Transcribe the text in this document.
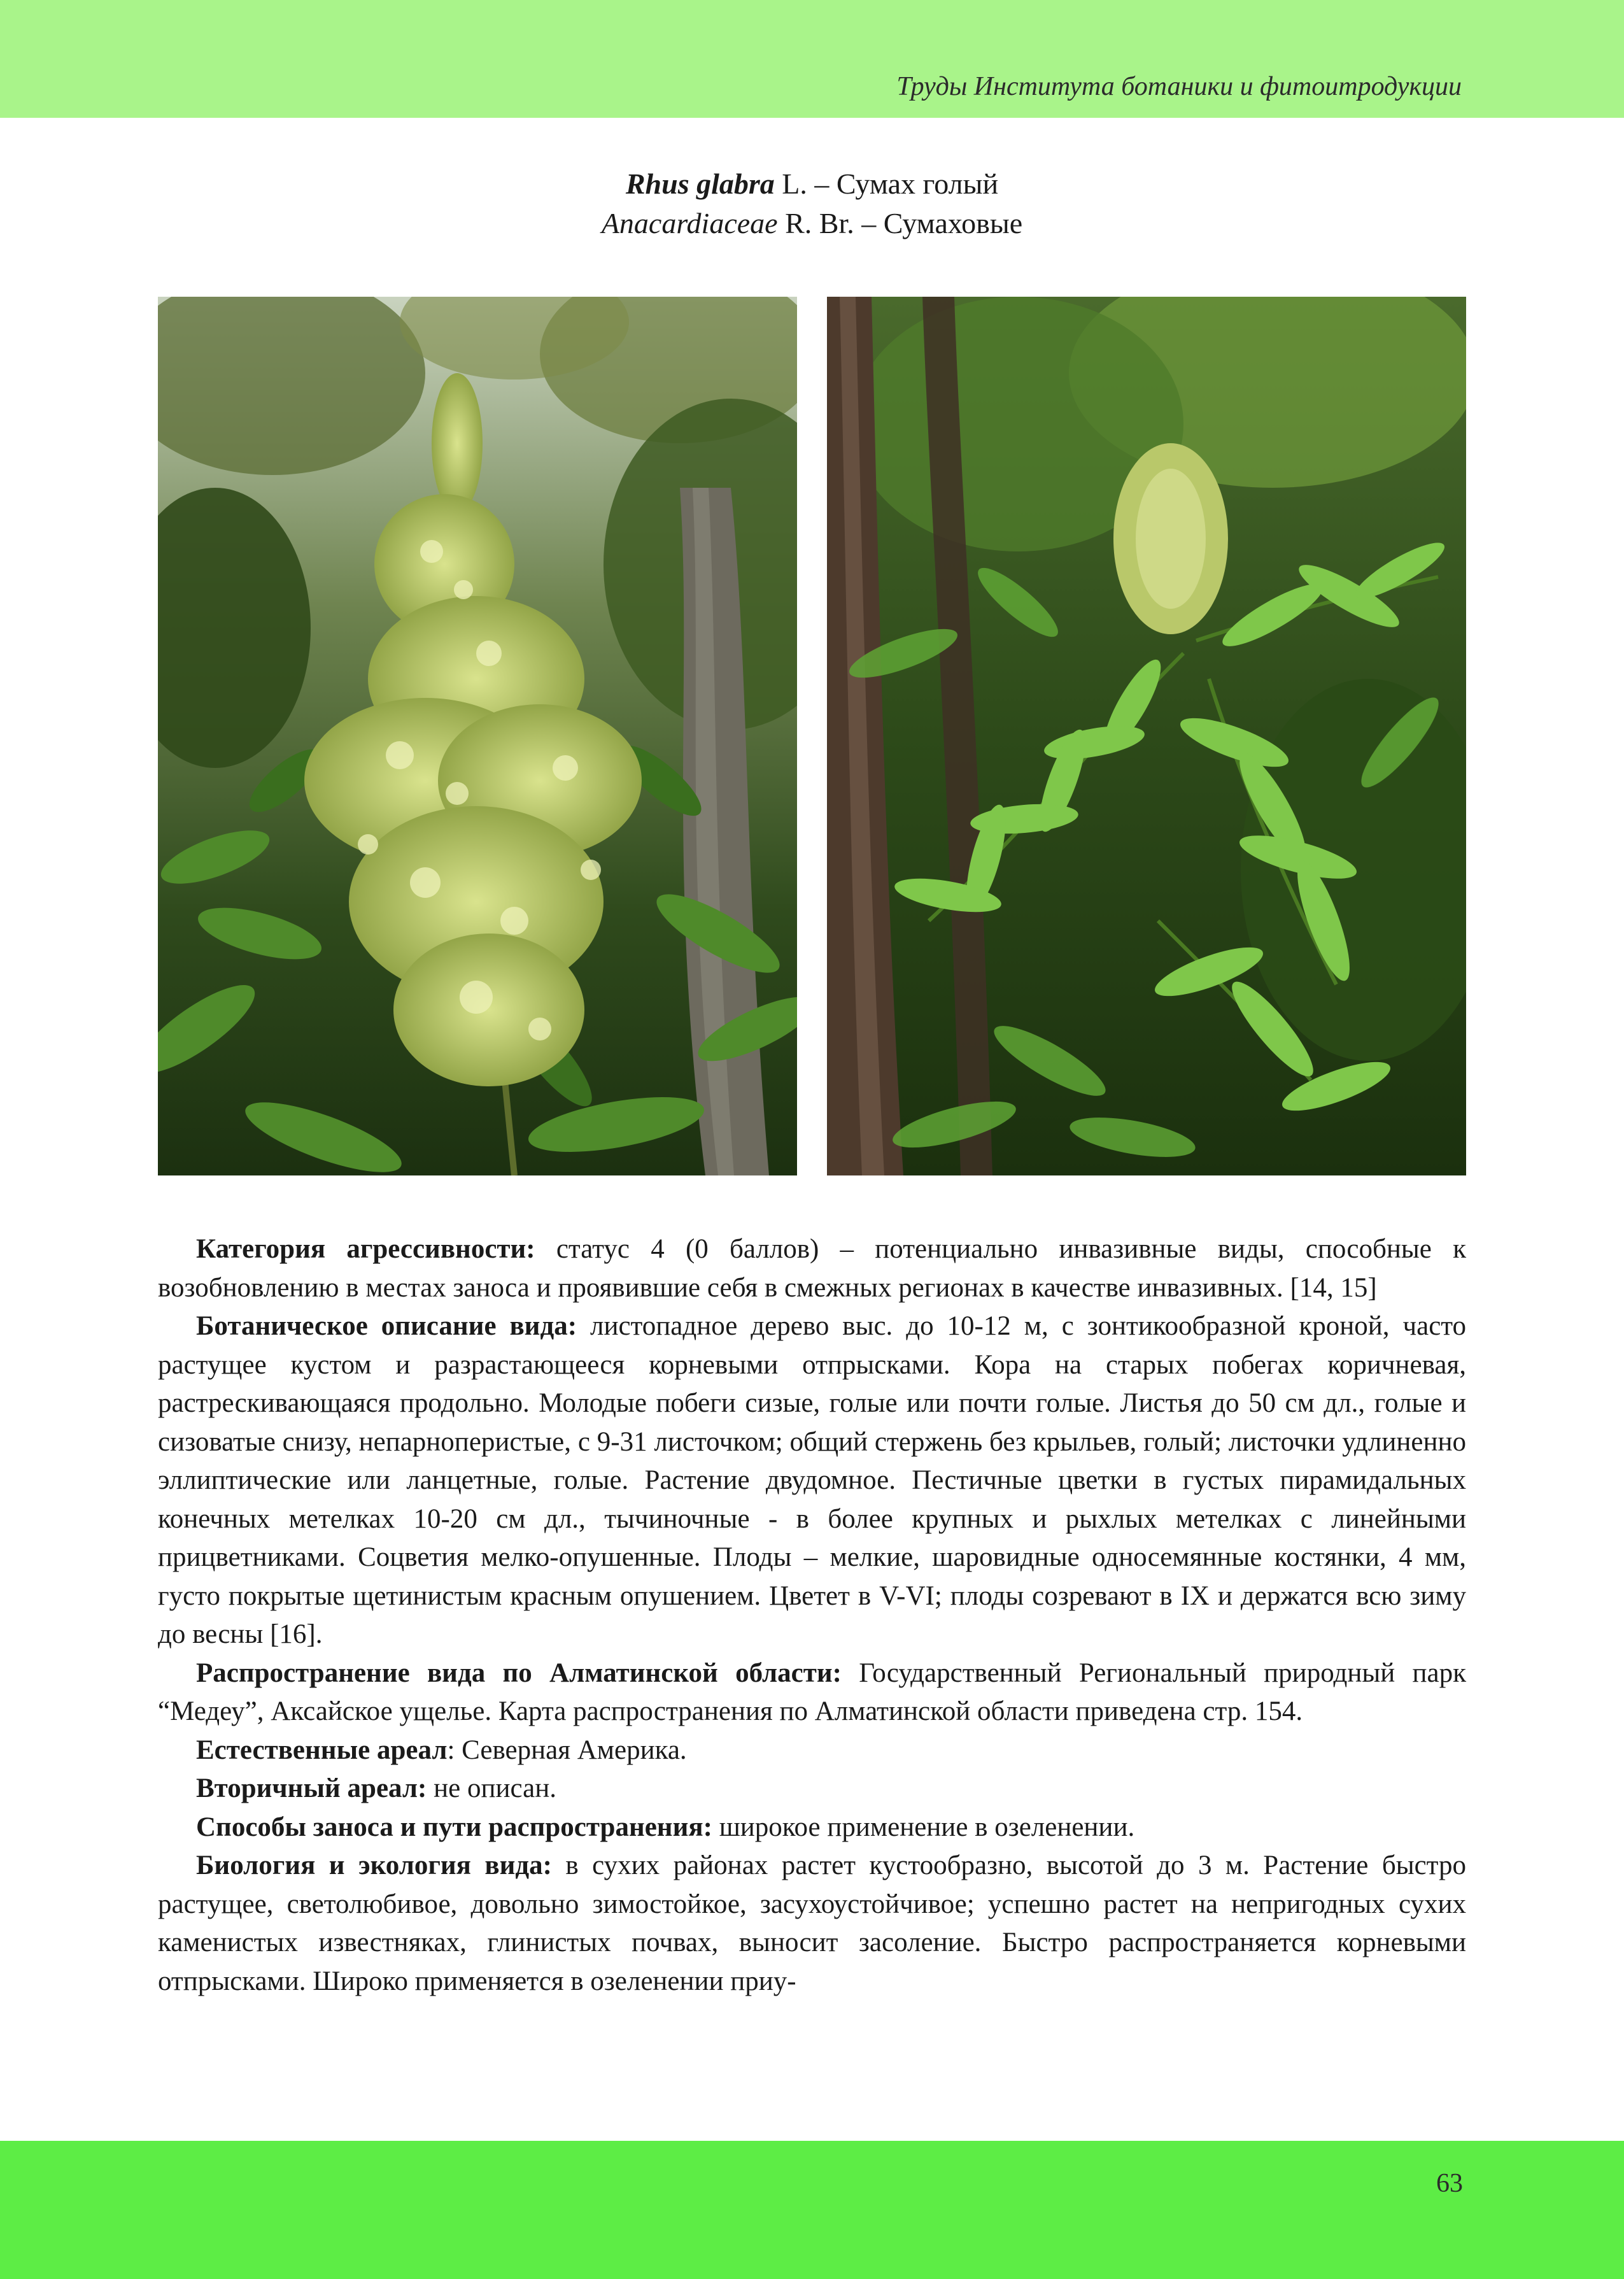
Труды Института ботаники и фитоитродукции
Rhus glabra L. – Сумах голый
Anacardiaceae R. Br. – Сумаховые

Категория агрессивности: cтатус 4 (0 баллов) – потенциально инвазивные виды, способные к возобновлению в местах заноса и проявившие себя в смежных регионах в качестве инвазивных. [14, 15]

Ботаническое описание вида: листопадное дерево выс. до 10-12 м, с зонтикообразной кроной, часто растущее кустом и разрастающееся корневыми отпрысками. Кора на старых побегах коричневая, растрескивающаяся продольно. Молодые побеги сизые, голые или почти голые. Листья до 50 см дл., голые и сизоватые снизу, непарноперистые, с 9-31 листочком; общий стержень без крыльев, голый; листочки удлиненно эллиптические или ланцетные, голые. Растение двудомное. Пестичные цветки в густых пирамидальных конечных метелках 10-20 см дл., тычиночные - в более крупных и рыхлых метелках с линейными прицветниками. Соцветия мелко-опушенные. Плоды – мелкие, шаровидные односемянные костянки, 4 мм, густо покрытые щетинистым красным опушением. Цветет в V-VI; плоды созревают в IX и держатся всю зиму до весны [16].

Распространение вида по Алматинской области: Государственный Региональный природный парк “Медеу”, Аксайское ущелье. Карта распространения по Алматинской области приведена стр. 154.

Естественные ареал: Северная Америка.

Вторичный ареал: не описан.

Способы заноса и пути распространения: широкое применение в озеленении.

Биология и экология вида: в сухих районах растет кустообразно, высотой до 3 м. Растение быстро растущее, светолюбивое, довольно зимостойкое, засухоустойчивое; успешно растет на непригодных сухих каменистых известняках, глинистых почвах, выносит засоление. Быстро распространяется корневыми отпрысками. Широко применяется в озеленении приу-

63
